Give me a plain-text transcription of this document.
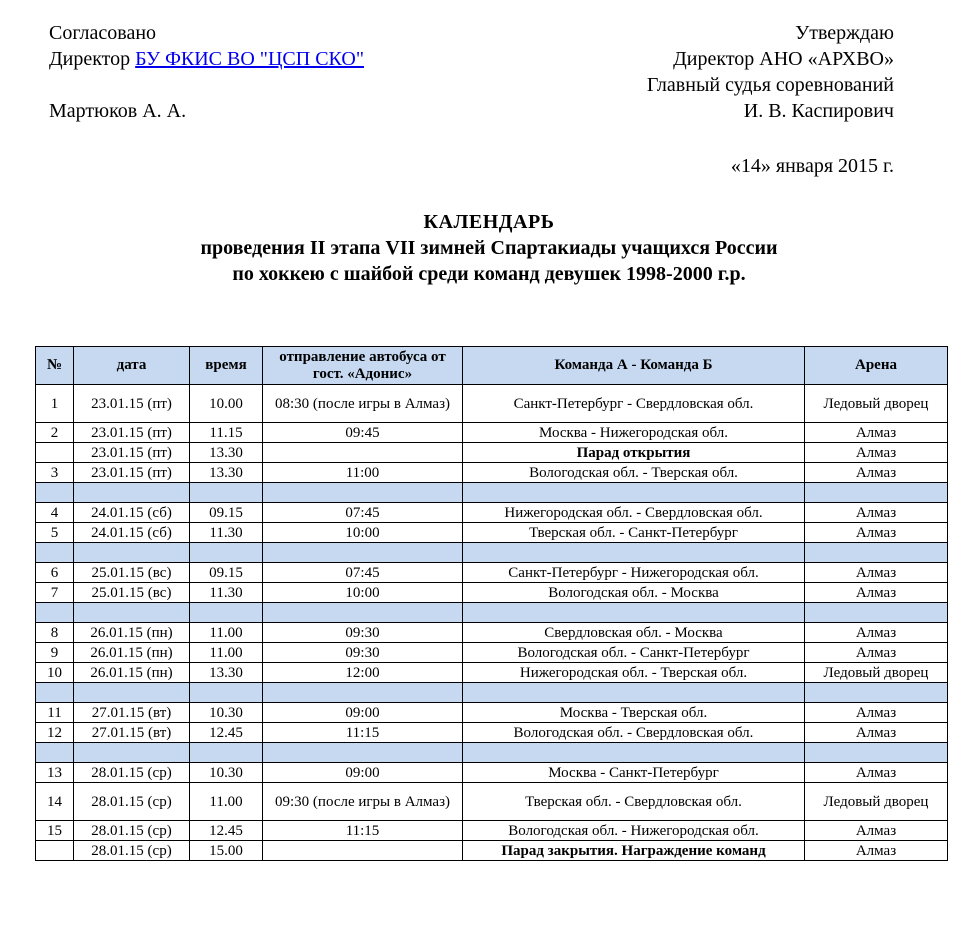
Согласовано
Директор БУ ФКИС ВО "ЦСП СКО"
Мартюков А. А.
Утверждаю
Директор АНО «АРХВО»
Главный судья соревнований
И. В. Каспирович
«14» января 2015 г.
КАЛЕНДАРЬ
проведения II этапа VII зимней Спартакиады учащихся России
по хоккею с шайбой среди команд девушек 1998-2000 г.р.
№	дата	время	отправление автобуса от гост. «Адонис»	Команда А - Команда Б	Арена
1	23.01.15 (пт)	10.00	08:30 (после игры в Алмаз)	Санкт-Петербург - Свердловская обл.	Ледовый дворец
2	23.01.15 (пт)	11.15	09:45	Москва - Нижегородская обл.	Алмаз
	23.01.15 (пт)	13.30		Парад открытия	Алмаз
3	23.01.15 (пт)	13.30	11:00	Вологодская обл. - Тверская обл.	Алмаз

4	24.01.15 (сб)	09.15	07:45	Нижегородская обл. - Свердловская обл.	Алмаз
5	24.01.15 (сб)	11.30	10:00	Тверская обл. - Санкт-Петербург	Алмаз

6	25.01.15 (вс)	09.15	07:45	Санкт-Петербург - Нижегородская обл.	Алмаз
7	25.01.15 (вс)	11.30	10:00	Вологодская обл. - Москва	Алмаз

8	26.01.15 (пн)	11.00	09:30	Свердловская обл. - Москва	Алмаз
9	26.01.15 (пн)	11.00	09:30	Вологодская обл. - Санкт-Петербург	Алмаз
10	26.01.15 (пн)	13.30	12:00	Нижегородская обл. - Тверская обл.	Ледовый дворец

11	27.01.15 (вт)	10.30	09:00	Москва - Тверская обл.	Алмаз
12	27.01.15 (вт)	12.45	11:15	Вологодская обл. - Свердловская обл.	Алмаз

13	28.01.15 (ср)	10.30	09:00	Москва - Санкт-Петербург	Алмаз
14	28.01.15 (ср)	11.00	09:30 (после игры в Алмаз)	Тверская обл. - Свердловская обл.	Ледовый дворец
15	28.01.15 (ср)	12.45	11:15	Вологодская обл. - Нижегородская обл.	Алмаз
	28.01.15 (ср)	15.00		Парад закрытия. Награждение команд	Алмаз
